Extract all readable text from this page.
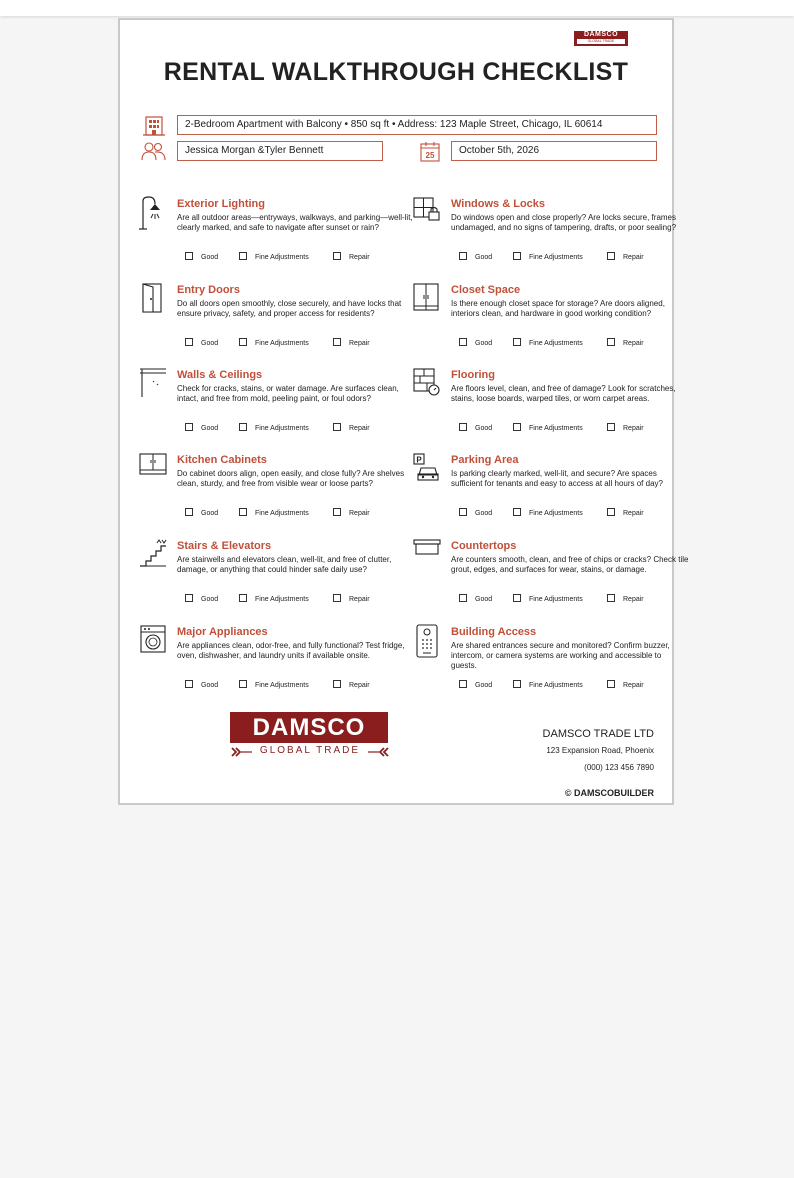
DAMSCO
GLOBAL TRADE
RENTAL WALKTHROUGH CHECKLIST
2-Bedroom Apartment with Balcony • 850 sq ft • Address: 123 Maple Street, Chicago, IL 60614
Jessica Morgan &Tyler Bennett	25	October 5th, 2026
Exterior Lighting
Are all outdoor areas—entryways, walkways, and parking—well-lit, clearly marked, and safe to navigate after sunset or rain?
Good	Fine Adjustments	Repair
Windows & Locks
Do windows open and close properly? Are locks secure, frames undamaged, and no signs of tampering, drafts, or poor sealing?
Good	Fine Adjustments	Repair
Entry Doors
Do all doors open smoothly, close securely, and have locks that ensure privacy, safety, and proper access for residents?
Good	Fine Adjustments	Repair
Closet Space
Is there enough closet space for storage? Are doors aligned, interiors clean, and hardware in good working condition?
Good	Fine Adjustments	Repair
Walls & Ceilings
Check for cracks, stains, or water damage. Are surfaces clean, intact, and free from mold, peeling paint, or foul odors?
Good	Fine Adjustments	Repair
Flooring
Are floors level, clean, and free of damage? Look for scratches, stains, loose boards, warped tiles, or worn carpet areas.
Good	Fine Adjustments	Repair
Kitchen Cabinets
Do cabinet doors align, open easily, and close fully? Are shelves clean, sturdy, and free from visible wear or loose parts?
Good	Fine Adjustments	Repair
P	Parking Area
Is parking clearly marked, well-lit, and secure? Are spaces sufficient for tenants and easy to access at all hours of day?
Good	Fine Adjustments	Repair
Stairs & Elevators
Are stairwells and elevators clean, well-lit, and free of clutter, damage, or anything that could hinder safe daily use?
Good	Fine Adjustments	Repair
Countertops
Are counters smooth, clean, and free of chips or cracks? Check tile grout, edges, and surfaces for wear, stains, or damage.
Good	Fine Adjustments	Repair
Major Appliances
Are appliances clean, odor-free, and fully functional? Test fridge, oven, dishwasher, and laundry units if available onsite.
Good	Fine Adjustments	Repair
Building Access
Are shared entrances secure and monitored? Confirm buzzer, intercom, or camera systems are working and accessible to guests.
Good	Fine Adjustments	Repair
DAMSCO
GLOBAL TRADE
DAMSCO TRADE LTD
123 Expansion Road, Phoenix
(000) 123 456 7890
© DAMSCOBUILDER
